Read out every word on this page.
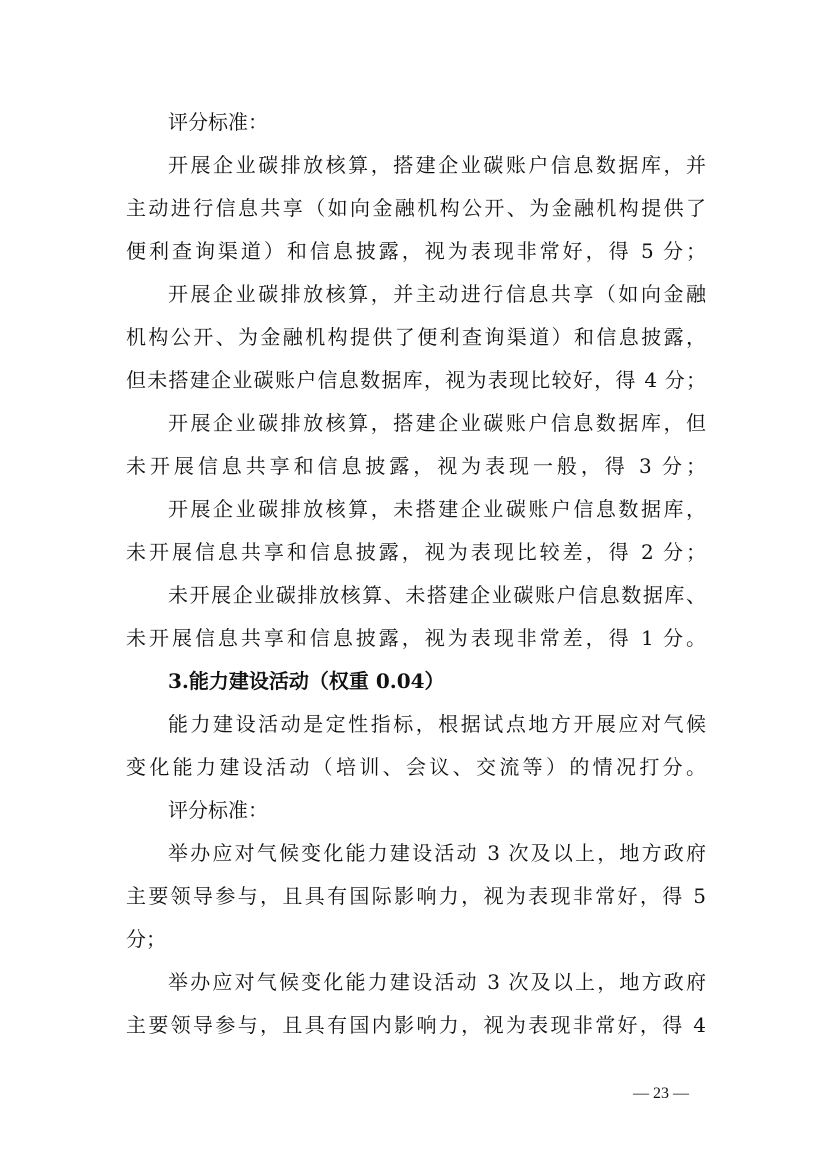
评分标准：
开展企业碳排放核算，搭建企业碳账户信息数据库，并
主动进行信息共享（如向金融机构公开、为金融机构提供了
便利查询渠道）和信息披露，视为表现非常好，得 5 分；
开展企业碳排放核算，并主动进行信息共享（如向金融
机构公开、为金融机构提供了便利查询渠道）和信息披露，
但未搭建企业碳账户信息数据库，视为表现比较好，得 4 分；
开展企业碳排放核算，搭建企业碳账户信息数据库，但
未开展信息共享和信息披露，视为表现一般，得 3 分；
开展企业碳排放核算，未搭建企业碳账户信息数据库，
未开展信息共享和信息披露，视为表现比较差，得 2 分；
未开展企业碳排放核算、未搭建企业碳账户信息数据库、
未开展信息共享和信息披露，视为表现非常差，得 1 分。
3.能力建设活动（权重 0.04）
能力建设活动是定性指标，根据试点地方开展应对气候
变化能力建设活动（培训、会议、交流等）的情况打分。
评分标准：
举办应对气候变化能力建设活动 3 次及以上，地方政府
主要领导参与，且具有国际影响力，视为表现非常好，得 5
分；
举办应对气候变化能力建设活动 3 次及以上，地方政府
主要领导参与，且具有国内影响力，视为表现非常好，得 4
— 23 —
